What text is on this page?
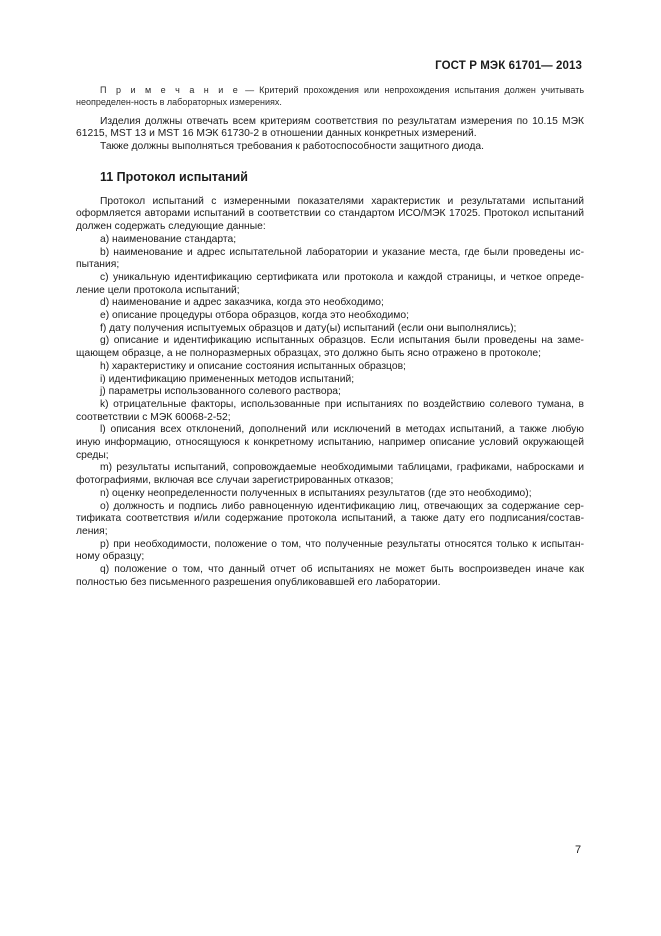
ГОСТ Р МЭК 61701— 2013

П р и м е ч а н и е — Критерий прохождения или непрохождения испытания должен учитывать неопределен-ность в лабораторных измерениях.

Изделия должны отвечать всем критериям соответствия по результатам измерения по 10.15 МЭК 61215, MST 13 и MST 16 МЭК 61730-2 в отношении данных конкретных измерений.

Также должны выполняться требования к работоспособности защитного диода.

11 Протокол испытаний

Протокол испытаний с измеренными показателями характеристик и результатами испытаний оформляется авторами испытаний в соответствии со стандартом ИСО/МЭК 17025. Протокол испытаний должен содержать следующие данные:

a) наименование стандарта;

b) наименование и адрес испытательной лаборатории и указание места, где были проведены ис-пытания;

c) уникальную идентификацию сертификата или протокола и каждой страницы, и четкое опреде-ление цели протокола испытаний;

d) наименование и адрес заказчика, когда это необходимо;

e) описание процедуры отбора образцов, когда это необходимо;

f) дату получения испытуемых образцов и дату(ы) испытаний (если они выполнялись);

g) описание и идентификацию испытанных образцов. Если испытания были проведены на заме-щающем образце, а не полноразмерных образцах, это должно быть ясно отражено в протоколе;

h) характеристику и описание состояния испытанных образцов;

i) идентификацию примененных методов испытаний;

j) параметры использованного солевого раствора;

k) отрицательные факторы, использованные при испытаниях по воздействию солевого тумана, в соответствии с МЭК 60068-2-52;

l) описания всех отклонений, дополнений или исключений в методах испытаний, а также любую иную информацию, относящуюся к конкретному испытанию, например описание условий окружающей среды;

m) результаты испытаний, сопровождаемые необходимыми таблицами, графиками, набросками и фотографиями, включая все случаи зарегистрированных отказов;

n) оценку неопределенности полученных в испытаниях результатов (где это необходимо);

o) должность и подпись либо равноценную идентификацию лиц, отвечающих за содержание сер-тификата соответствия и/или содержание протокола испытаний, а также дату его подписания/состав-ления;

p) при необходимости, положение о том, что полученные результаты относятся только к испытан-ному образцу;

q) положение о том, что данный отчет об испытаниях не может быть воспроизведен иначе как полностью без письменного разрешения опубликовавшей его лаборатории.

7
